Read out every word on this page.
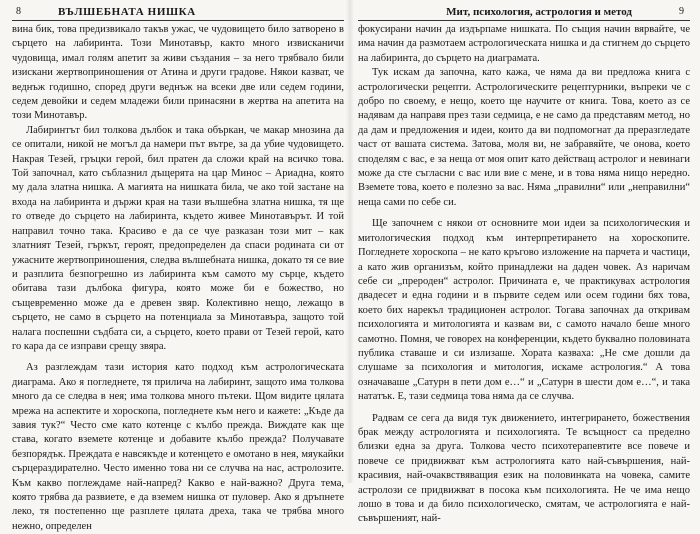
8	ВЪЛШЕБНАТА НИШКА

вина бик, това предизвикало такъв ужас, че чудовището било затворено в сърцето на лабиринта. Този Минотавър, както много извисканичи чудовища, имал голям апетит за живи създания – за него трябвало били изискани жертвоприношения от Атина и други градове. Някои казват, че веднъж годишно, според други веднъж на всеки две или седем години, седем девойки и седем младежи били принасяни в жертва на апетита на този Минотавър.

Лабиринтът бил толкова дълбок и така объркан, че макар мнозина да се опитали, никой не могъл да намери път вътре, за да убие чудовището. Накрая Тезей, гръцки герой, бил пратен да сложи край на всичко това. Той започнал, като съблазнил дъщерята на цар Минос – Ариадна, която му дала златна нишка. А магията на нишката била, че ако той застане на входа на лабиринта и държи края на тази вълшебна златна нишка, тя ще го отведе до сърцето на лабиринта, където живее Минотавърът. И той направил точно така. Красиво е да се чуе разказан този мит – как златният Тезей, гъркът, героят, предопределен да спаси родината си от ужасните жертвоприношения, следва вълшебната нишка, докато тя се вие и разплита безпогрешно из лабиринта към самото му сърце, където обитава тази дълбока фигура, която може би е божество, но същевременно може да е древен звяр. Колективно нещо, лежащо в сърцето, не само в сърцето на потенциала за Минотавъра, защото той налага поспешни съдбата си, а сърцето, което прави от Тезей герой, като го кара да се изправи срещу звяра.

Аз разглеждам тази история като подход към астрологическата диаграма. Ако я погледнете, тя прилича на лабиринт, защото има толкова много да се следва в нея; има толкова много пътеки. Щом видите цялата мрежа на аспектите и хороскопа, погледнете към него и кажете: „Къде да завия тук?“ Често сме като котенце с кълбо прежда. Виждате как ще става, когато вземете котенце и добавите кълбо прежда? Получавате безпорядък. Преждата е навсякъде и котенцето е омотано в нея, мяукайки сърцераздирателно. Често именно това ни се случва на нас, астролозите. Към какво поглеждаме най-напред? Какво е най-важно? Друга тема, която трябва да развиете, е да вземем нишка от пуловер. Ако я дръпнете леко, тя постепенно ще разплете цялата дреха, така че трябва много нежно, определен

Мит, психология, астрология и метод	9

фокусирани начин да издърпаме нишката. По същия начин вярвайте, че има начин да размотаем астрологическата нишка и да стигнем до сърцето на лабиринта, до сърцето на диаграмата.

Тук искам да започна, като кажа, че няма да ви предложа книга с астрологически рецепти. Астрологическите рецептурники, въпреки че с добро по своему, е нещо, което ще научите от книга. Това, което аз се надявам да направя през тази седмица, е не само да представям метод, но да дам и предложения и идеи, които да ви подпомогнат да преразгледате част от вашата система. Затова, моля ви, не забравяйте, че онова, което споделям с вас, е за неща от моя опит като действащ астролог и невинаги може да сте съгласни с вас или вие с мене, и в това няма нищо нередно. Вземете това, което е полезно за вас. Няма „правилни“ или „неправилни“ неща сами по себе си.

Ще започнем с някои от основните мои идеи за психологическия и митологическия подход към интерпретирането на хороскопите. Погледнете хороскопа – не като кръгово изложение на парчета и частици, а като жив организъм, който принадлежи на даден човек. Аз наричам себе си „прероден“ астролог. Причината е, че практикувах астрология двадесет и една години и в първите седем или осем години бях това, което бих нарекъл традиционен астролог. Тогава започнах да откривам психологията и митологията и казвам ви, с самото начало беше много самотно. Помня, че говорех на конференции, където буквално половината публика ставаше и си излизаше. Хората казваха: „Не сме дошли да слушаме за психология и митология, искаме астрология.“ А това означаваше „Сатурн в пети дом е…“ и „Сатурн в шести дом е…“, и така нататък. Е, тази седмица това няма да се случва.

Радвам се сега да видя тук движението, интегрирането, божествения брак между астрологията и психологията. Те всъщност са пределно близки една за друга. Толкова често психотерапевтите все повече и повече се придвижват към астрологията като най-съвършения, най-красивия, най-очаквствяващия език на половинката на човека, самите астролози се придвижват в посока към психологията. Не че има нещо лошо в това и да било психологическо, смятам, че астрологията е най-съвършеният, най-
